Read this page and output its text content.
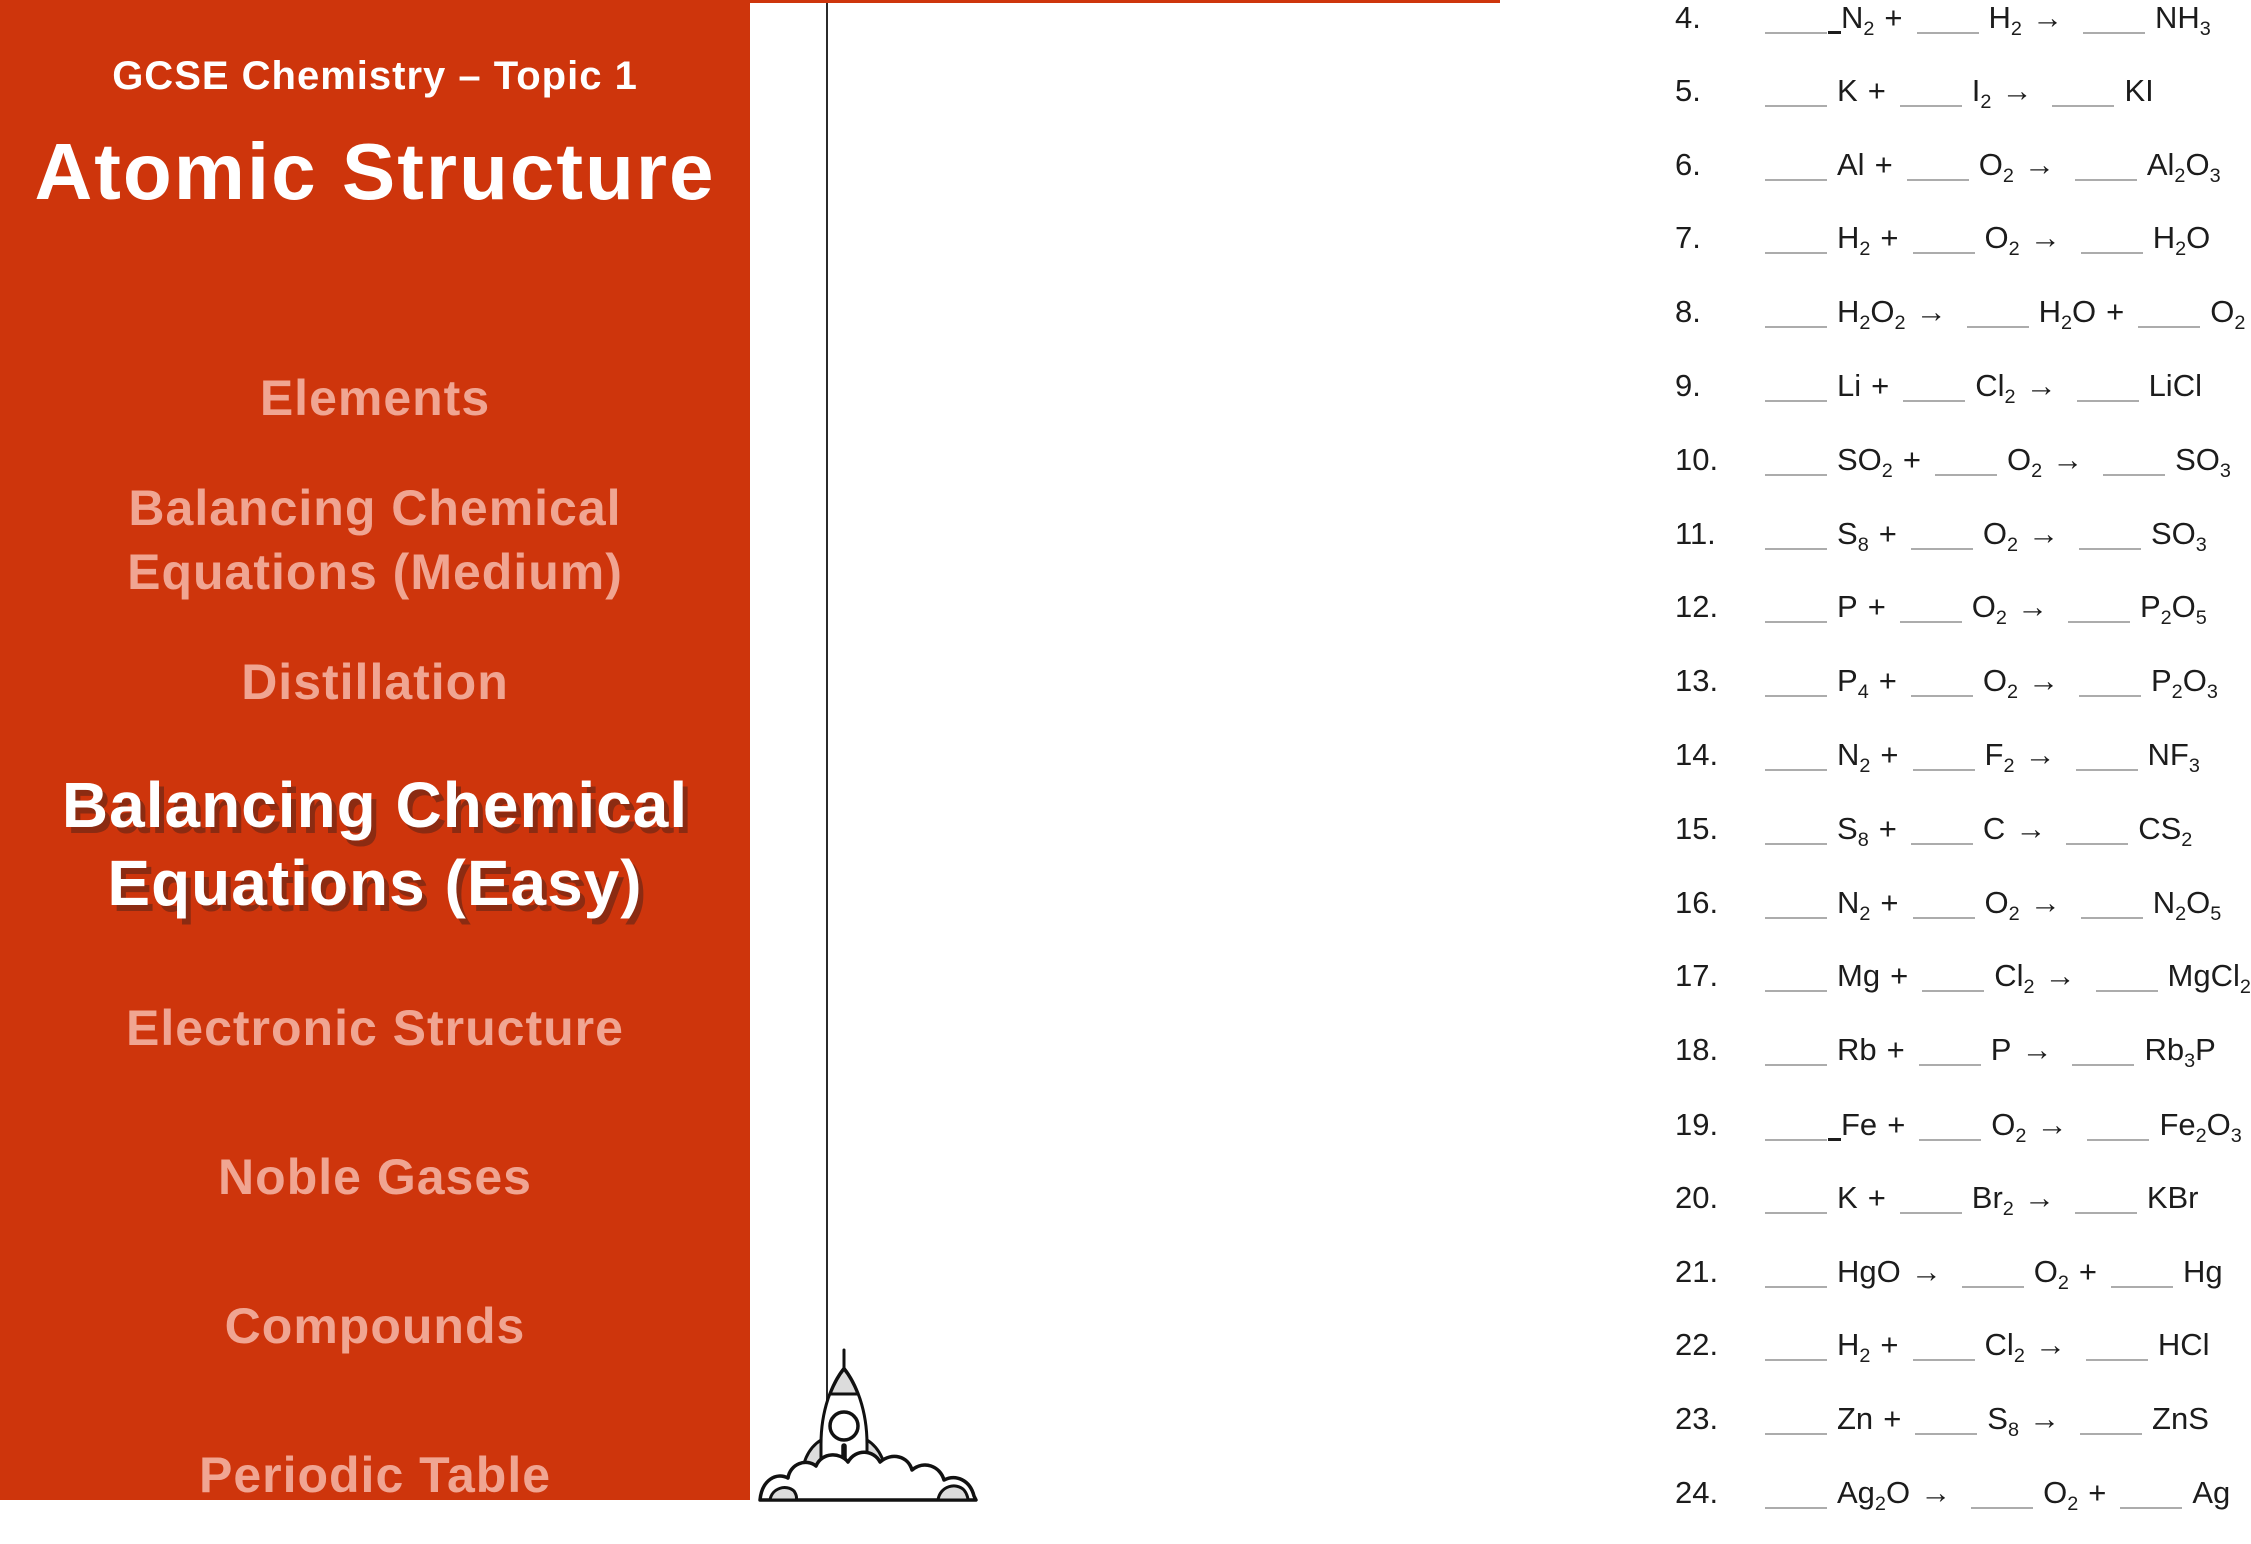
GCSE Chemistry – Topic 1
Atomic Structure
Elements
Balancing Chemical Equations (Medium)
Distillation
Balancing Chemical Equations (Easy)
Electronic Structure
Noble Gases
Compounds
Periodic Table
4.	$N_2$ +	$H_2$ →	$NH_3$
5.	K +	$I_2$ →	KI
6.	Al +	$O_2$ →	$Al_2O_3$
7.	$H_2$ +	$O_2$ →	$H_2O$
8.	$H_2O_2$ →	$H_2O$ +	$O_2$
9.	Li +	$Cl_2$ →	LiCl
10.	$SO_2$ +	$O_2$ →	$SO_3$
11.	$S_8$ +	$O_2$ →	$SO_3$
12.	P +	$O_2$ →	$P_2O_5$
13.	$P_4$ +	$O_2$ →	$P_2O_3$
14.	$N_2$ +	$F_2$ →	$NF_3$
15.	$S_8$ +	C →	$CS_2$
16.	$N_2$ +	$O_2$ →	$N_2O_5$
17.	Mg +	$Cl_2$ →	MgCl$_2$
18.	Rb +	P →	$Rb_3P$
19.	Fe +	$O_2$ →	$Fe_2O_3$
20.	K +	$Br_2$ →	KBr
21.	HgO →	$O_2$ +	Hg
22.	$H_2$ +	$Cl_2$ →	HCl
23.	Zn +	$S_8$ →	ZnS
24.	$Ag_2O$ →	$O_2$ +	Ag
